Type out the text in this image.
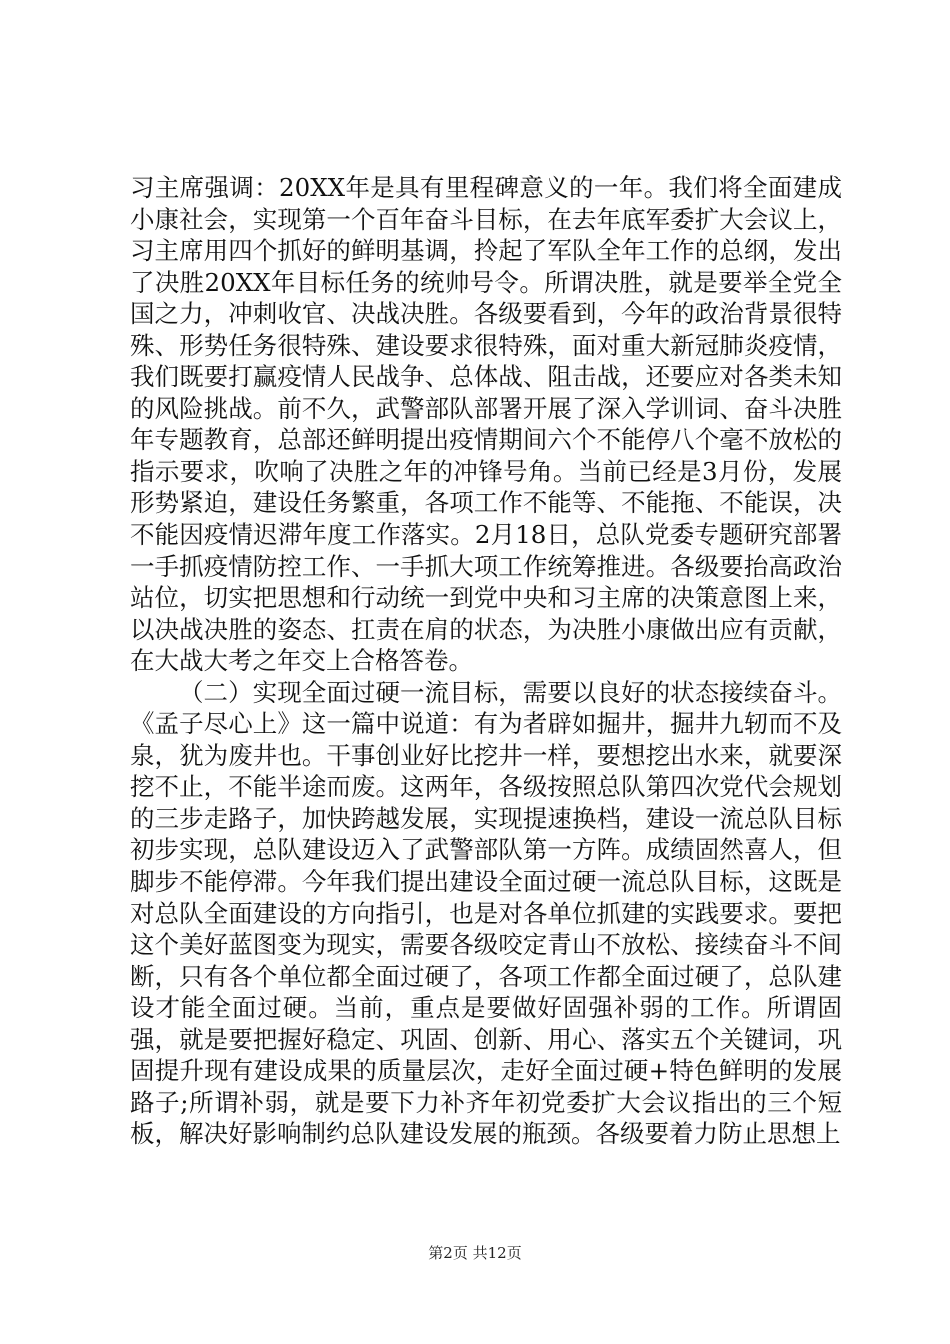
习主席强调：20XX年是具有里程碑意义的一年。我们将全面建成小康社会，实现第一个百年奋斗目标，在去年底军委扩大会议上，习主席用四个抓好的鲜明基调，拎起了军队全年工作的总纲，发出了决胜20XX年目标任务的统帅号令。所谓决胜，就是要举全党全国之力，冲刺收官、决战决胜。各级要看到，今年的政治背景很特殊、形势任务很特殊、建设要求很特殊，面对重大新冠肺炎疫情，我们既要打赢疫情人民战争、总体战、阻击战，还要应对各类未知的风险挑战。前不久，武警部队部署开展了深入学训词、奋斗决胜年专题教育，总部还鲜明提出疫情期间六个不能停八个毫不放松的指示要求，吹响了决胜之年的冲锋号角。当前已经是3月份，发展形势紧迫，建设任务繁重，各项工作不能等、不能拖、不能误，决不能因疫情迟滞年度工作落实。2月18日，总队党委专题研究部署一手抓疫情防控工作、一手抓大项工作统筹推进。各级要抬高政治站位，切实把思想和行动统一到党中央和习主席的决策意图上来，以决战决胜的姿态、扛责在肩的状态，为决胜小康做出应有贡献，在大战大考之年交上合格答卷。

（二）实现全面过硬一流目标，需要以良好的状态接续奋斗。《孟子尽心上》这一篇中说道：有为者辟如掘井，掘井九轫而不及泉，犹为废井也。干事创业好比挖井一样，要想挖出水来，就要深挖不止，不能半途而废。这两年，各级按照总队第四次党代会规划的三步走路子，加快跨越发展，实现提速换档，建设一流总队目标初步实现，总队建设迈入了武警部队第一方阵。成绩固然喜人，但脚步不能停滞。今年我们提出建设全面过硬一流总队目标，这既是对总队全面建设的方向指引，也是对各单位抓建的实践要求。要把这个美好蓝图变为现实，需要各级咬定青山不放松、接续奋斗不间断，只有各个单位都全面过硬了，各项工作都全面过硬了，总队建设才能全面过硬。当前，重点是要做好固强补弱的工作。所谓固强，就是要把握好稳定、巩固、创新、用心、落实五个关键词，巩固提升现有建设成果的质量层次，走好全面过硬+特色鲜明的发展路子;所谓补弱，就是要下力补齐年初党委扩大会议指出的三个短板，解决好影响制约总队建设发展的瓶颈。各级要着力防止思想上

第2页 共12页
